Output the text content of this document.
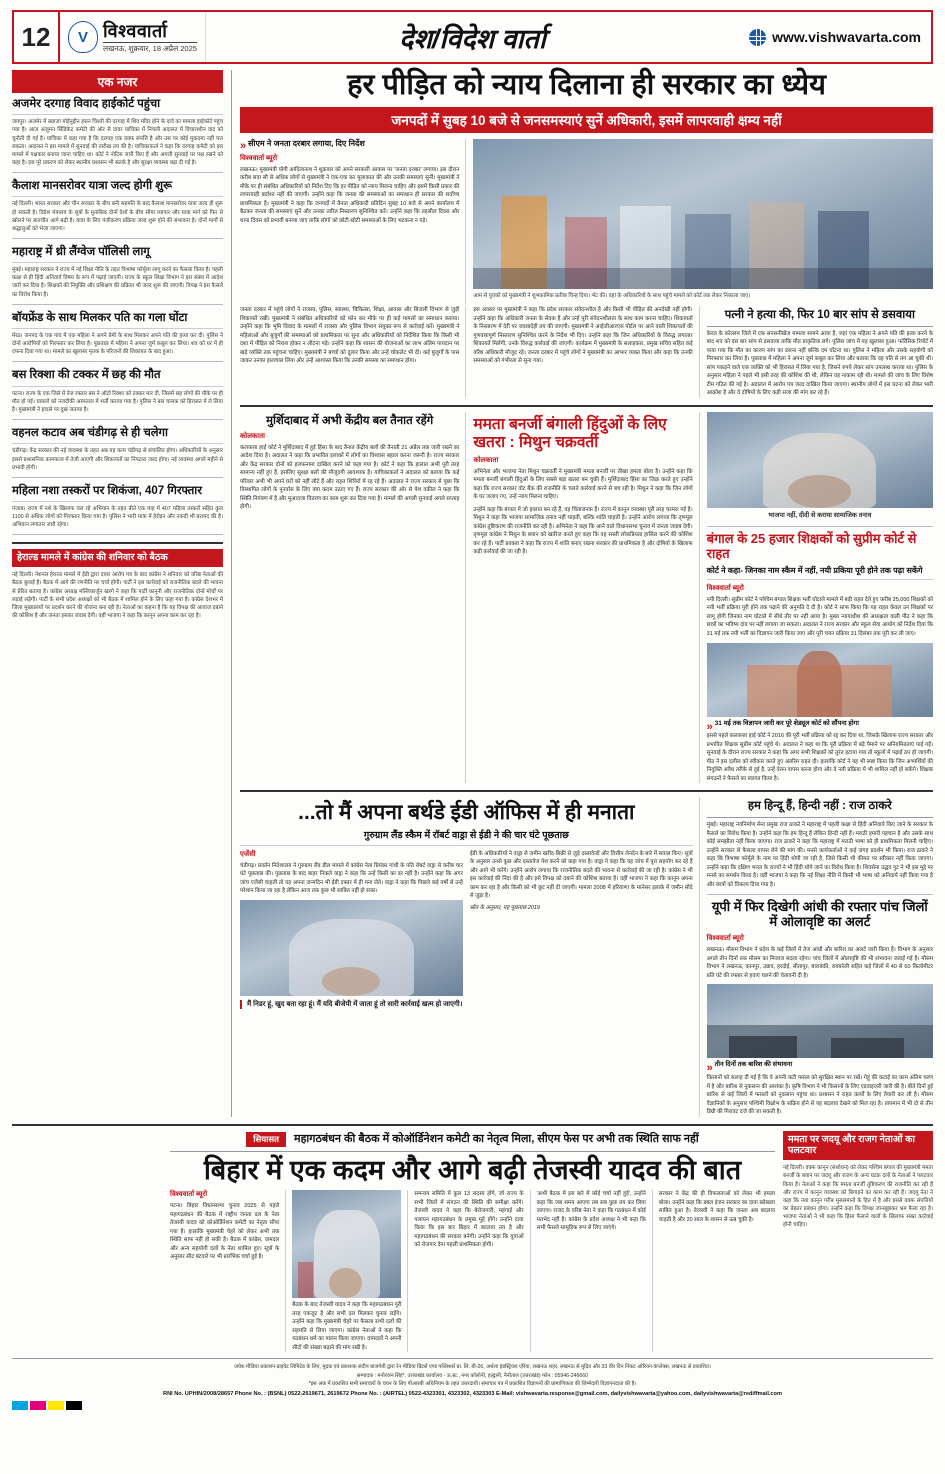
12	V विश्ववार्ता
लखनऊ, शुक्रवार, 18 अप्रैल 2025	देश/विदेश वार्ता	www.vishwavarta.com
एक नजर
अजमेर दरगाह विवाद हाईकोर्ट पहुंचा
जयपुर। अजमेर में ख्वाजा मोईनुद्दीन हसन चिश्ती की दरगाह में शिव मंदिर होने के दावे का मामला हाईकोर्ट पहुंच गया है। आज अंजुमन सिंडिकेट कमेटी की ओर से दायर याचिका में निचली अदालत में विचाराधीन वाद को चुनौती दी गई है। याचिका में कहा गया है कि दरगाह एक वक्फ संपत्ति है और उस पर कोई मुकदमा नहीं चल सकता। अदालत ने इस मामले में सुनवाई की तारीख तय की है। याचिकाकर्ता ने कहा कि दरगाह कमेटी को इस मामले में पक्षकार बनाया जाना चाहिए था। कोर्ट ने नोटिस जारी किए हैं और अगली सुनवाई पर पक्ष रखने को कहा है। इस पूरे प्रकरण को लेकर स्थानीय प्रशासन भी सतर्क है और सुरक्षा व्यवस्था बढ़ा दी गई है।
कैलाश मानसरोवर यात्रा जल्द होगी शुरू
नई दिल्ली। भारत सरकार और चीन सरकार के बीच बनी सहमति के बाद कैलाश मानसरोवर यात्रा जल्द ही शुरू हो सकती है। विदेश मंत्रालय के सूत्रों के मुताबिक दोनों देशों के बीच सीमा व्यापार और यात्रा मार्ग को फिर से खोलने पर बातचीत आगे बढ़ी है। यात्रा के लिए पंजीकरण प्रक्रिया जल्द शुरू होने की संभावना है। दोनों मार्गों से श्रद्धालुओं को भेजा जाएगा।
महाराष्ट्र में थ्री लैंग्वेज पॉलिसी लागू
मुंबई। महाराष्ट्र सरकार ने राज्य में नई शिक्षा नीति के तहत त्रिभाषा फॉर्मूला लागू करने का फैसला किया है। पहली कक्षा से ही हिंदी अनिवार्य विषय के रूप में पढ़ाई जाएगी। राज्य के स्कूल शिक्षा विभाग ने इस संबंध में आदेश जारी कर दिया है। शिक्षकों की नियुक्ति और प्रशिक्षण की प्रक्रिया भी जल्द शुरू की जाएगी। विपक्ष ने इस फैसले का विरोध किया है।
बॉयफ्रेंड के साथ मिलकर पति का गला घोंटा
मेरठ। जनपद के एक गांव में एक महिला ने अपने प्रेमी के साथ मिलकर अपने पति की हत्या कर दी। पुलिस ने दोनों आरोपियों को गिरफ्तार कर लिया है। पूछताछ में महिला ने अपना जुर्म कबूल कर लिया। शव को घर में ही दफना दिया गया था। मामले का खुलासा मृतक के परिजनों की शिकायत के बाद हुआ।
बस रिक्शा की टक्कर में छह की मौत
पटना। राज्य के एक जिले में तेज रफ्तार बस ने ऑटो रिक्शा को टक्कर मार दी, जिसमें छह लोगों की मौके पर ही मौत हो गई। घायलों को नजदीकी अस्पताल में भर्ती कराया गया है। पुलिस ने बस चालक को हिरासत में ले लिया है। मुख्यमंत्री ने हादसे पर दुख जताया है।
वहनल कटाव अब चंडीगढ़ से ही चलेगा
चंडीगढ़। केंद्र सरकार की नई व्यवस्था के तहत अब यह काम चंडीगढ़ से संचालित होगा। अधिकारियों के अनुसार इससे प्रशासनिक कामकाज में तेजी आएगी और शिकायतों का निपटारा जल्द होगा। नई व्यवस्था अगले महीने से प्रभावी होगी।
महिला नशा तस्करों पर शिकंजा, 407 गिरफ्तार
पंजाब। राज्य में नशे के खिलाफ चल रहे अभियान के तहत बीते एक माह में 407 महिला तस्करों सहित कुल 1100 से अधिक लोगों को गिरफ्तार किया गया है। पुलिस ने भारी मात्रा में हेरोइन और नकदी भी बरामद की है। अभियान लगातार जारी रहेगा।
हेराल्ड मामले में कांग्रेस की शनिवार को बैठक
नई दिल्ली। नेशनल हेराल्ड मामले में ईडी द्वारा दायर आरोप पत्र के बाद कांग्रेस ने शनिवार को वरिष्ठ नेताओं की बैठक बुलाई है। बैठक में आगे की रणनीति पर चर्चा होगी। पार्टी ने इस कार्रवाई को राजनीतिक बदले की भावना से प्रेरित बताया है। कांग्रेस अध्यक्ष मल्लिकार्जुन खरगे ने कहा कि पार्टी कानूनी और राजनीतिक दोनों मोर्चों पर लड़ाई लड़ेगी। पार्टी के सभी प्रदेश अध्यक्षों को भी बैठक में शामिल होने के लिए कहा गया है। कांग्रेस देशभर में जिला मुख्यालयों पर प्रदर्शन करने की योजना बना रही है। नेताओं का कहना है कि यह विपक्ष की आवाज दबाने की कोशिश है और जनता इसका जवाब देगी। वहीं भाजपा ने कहा कि कानून अपना काम कर रहा है।
हर पीड़ित को न्याय दिलाना ही सरकार का ध्येय
जनपदों में सुबह 10 बजे से जनसमस्याएं सुनें अधिकारी, इसमें लापरवाही क्षम्य नहीं
» सीएम ने जनता दरबार लगाया, दिए निर्देश
विश्ववार्ता ब्यूरो
लखनऊ। मुख्यमंत्री योगी आदित्यनाथ ने शुक्रवार को अपने सरकारी आवास पर 'जनता दरबार' लगाया। इस दौरान करीब सवा सौ से अधिक लोगों से मुख्यमंत्री ने एक-एक कर मुलाकात की और उनकी समस्याएं सुनीं। मुख्यमंत्री ने मौके पर ही संबंधित अधिकारियों को निर्देश दिए कि हर पीड़ित को न्याय मिलना चाहिए और इसमें किसी प्रकार की लापरवाही बर्दाश्त नहीं की जाएगी। उन्होंने कहा कि जनता की समस्याओं का समाधान ही सरकार की सर्वोच्च प्राथमिकता है। मुख्यमंत्री ने कहा कि जनपदों में तैनात अधिकारी प्रतिदिन सुबह 10 बजे से अपने कार्यालय में बैठकर जनता की समस्याएं सुनें और उनका त्वरित निस्तारण सुनिश्चित करें। उन्होंने कहा कि तहसील दिवस और थाना दिवस को प्रभावी बनाया जाए ताकि लोगों को छोटी-छोटी समस्याओं के लिए भटकना न पड़े।
आम से युवकों को मुख्यमंत्री ने शुभकामिक प्रतीक चिन्ह दिया। भेंट की। वहां के अधिकारियों के साथ पहुंचे मामले को कोर्ट तक लेकर निकाला जाए।
जनता दरबार में पहुंचे लोगों ने राजस्व, पुलिस, स्वास्थ्य, चिकित्सा, शिक्षा, आवास और बिजली विभाग से जुड़ी शिकायतें रखीं। मुख्यमंत्री ने संबंधित अधिकारियों को फोन कर मौके पर ही कई मामलों का समाधान कराया। उन्होंने कहा कि भूमि विवाद के मामलों में राजस्व और पुलिस विभाग संयुक्त रूप से कार्रवाई करें। मुख्यमंत्री ने महिलाओं और बुजुर्गों की समस्याओं को प्राथमिकता पर सुना और अधिकारियों को निर्देशित किया कि किसी भी दशा में पीड़ित को निराश होकर न लौटना पड़े। उन्होंने कहा कि शासन की योजनाओं का लाभ अंतिम पायदान पर खड़े व्यक्ति तक पहुंचना चाहिए। मुख्यमंत्री ने बच्चों को दुलार किया और उन्हें चॉकलेट भी दी। कई बुजुर्गों के पास जाकर उनका हालचाल लिया और उन्हें आश्वस्त किया कि उनकी समस्या का समाधान होगा।
इस अवसर पर मुख्यमंत्री ने कहा कि प्रदेश सरकार संवेदनशील है और किसी भी पीड़ित की अनदेखी नहीं होगी। उन्होंने कहा कि अधिकारी जनता के सेवक हैं और उन्हें पूरी संवेदनशीलता के साथ काम करना चाहिए। शिकायतों के निस्तारण में देरी पर जवाबदेही तय की जाएगी। मुख्यमंत्री ने आईजीआरएस पोर्टल पर आने वाली शिकायतों की गुणवत्तापूर्ण निस्तारण सुनिश्चित करने के निर्देश भी दिए। उन्होंने कहा कि जिन अधिकारियों के विरुद्ध लगातार शिकायतें मिलेंगी, उनके विरुद्ध कार्रवाई की जाएगी। कार्यक्रम में मुख्यमंत्री के सलाहकार, प्रमुख सचिव सहित कई वरिष्ठ अधिकारी मौजूद रहे। जनता दरबार में पहुंचे लोगों ने मुख्यमंत्री का आभार व्यक्त किया और कहा कि उनकी समस्याओं को गंभीरता से सुना गया।
पत्नी ने हत्या की, फिर 10 बार सांप से डसवाया
केरल के कोल्लम जिले में एक सनसनीखेज मामला सामने आया है, जहां एक महिला ने अपने पति की हत्या करने के बाद शव को दस बार सांप से डसवाया ताकि मौत प्राकृतिक लगे। पुलिस जांच में यह खुलासा हुआ। फॉरेंसिक रिपोर्ट में पाया गया कि मौत का कारण सांप का डसना नहीं बल्कि दम घोंटना था। पुलिस ने महिला और उसके सहयोगी को गिरफ्तार कर लिया है। पूछताछ में महिला ने अपना जुर्म कबूल कर लिया और बताया कि वह पति से तंग आ चुकी थी। सांप पकड़ने वाले एक व्यक्ति को भी हिरासत में लिया गया है, जिसने रुपये लेकर सांप उपलब्ध कराया था। पुलिस के अनुसार महिला ने पहले भी इसी तरह की कोशिश की थी, लेकिन वह नाकाम रही थी। मामले की जांच के लिए विशेष टीम गठित की गई है। अदालत में आरोप पत्र जल्द दाखिल किया जाएगा। स्थानीय लोगों में इस घटना को लेकर भारी आक्रोश है और वे दोषियों के लिए कड़ी सजा की मांग कर रहे हैं।
मुर्शिदाबाद में अभी केंद्रीय बल तैनात रहेंगे
कोलकाता
कलकत्ता हाई कोर्ट ने मुर्शिदाबाद में हुई हिंसा के बाद तैनात केंद्रीय बलों की तैनाती 21 अप्रैल तक जारी रखने का आदेश दिया है। अदालत ने कहा कि प्रभावित इलाकों में लोगों का विश्वास बहाल करना जरूरी है। राज्य सरकार और केंद्र सरकार दोनों को हलफनामा दाखिल करने को कहा गया है। कोर्ट ने कहा कि हालात अभी पूरी तरह सामान्य नहीं हुए हैं, इसलिए सुरक्षा बलों की मौजूदगी आवश्यक है। याचिकाकर्ता ने अदालत को बताया कि कई परिवार अभी भी अपने घरों को नहीं लौटे हैं और राहत शिविरों में रह रहे हैं। अदालत ने राज्य सरकार से पूछा कि विस्थापित लोगों के पुनर्वास के लिए क्या कदम उठाए गए हैं। राज्य सरकार की ओर से पेश वकील ने कहा कि स्थिति नियंत्रण में है और मुआवजा वितरण का काम शुरू कर दिया गया है। मामले की अगली सुनवाई अगले सप्ताह होगी।
ममता बनर्जी बंगाली हिंदुओं के लिए खतरा : मिथुन चक्रवर्ती
कोलकाता
अभिनेता और भाजपा नेता मिथुन चक्रवर्ती ने मुख्यमंत्री ममता बनर्जी पर तीखा हमला बोला है। उन्होंने कहा कि ममता बनर्जी बंगाली हिंदुओं के लिए सबसे बड़ा खतरा बन चुकी हैं। मुर्शिदाबाद हिंसा का जिक्र करते हुए उन्होंने कहा कि राज्य सरकार वोट बैंक की राजनीति के चलते कार्रवाई करने से बच रही है। मिथुन ने कहा कि जिन लोगों के घर जलाए गए, उन्हें न्याय मिलना चाहिए।
उन्होंने कहा कि बंगाल में जो हालात बन रहे हैं, वह चिंताजनक हैं। राज्य में कानून व्यवस्था पूरी तरह चरमरा गई है। मिथुन ने कहा कि भाजपा सामाजिक तनाव नहीं चाहती, बल्कि शांति चाहती है। उन्होंने आरोप लगाया कि तृणमूल कांग्रेस तुष्टिकरण की राजनीति कर रही है। अभिनेता ने कहा कि आने वाले विधानसभा चुनाव में जनता जवाब देगी। तृणमूल कांग्रेस ने मिथुन के बयान को खारिज करते हुए कहा कि वह सस्ती लोकप्रियता हासिल करने की कोशिश कर रहे हैं। पार्टी प्रवक्ता ने कहा कि राज्य में शांति बनाए रखना सरकार की प्राथमिकता है और दोषियों के खिलाफ कड़ी कार्रवाई की जा रही है।
भाजपा नहीं, दीदी से कराया सामाजिक तनाव
बंगाल के 25 हजार शिक्षकों को सुप्रीम कोर्ट से राहत
कोर्ट ने कहा- जिनका नाम स्कैम में नहीं, नयी प्रकिया पूरी होने तक पढ़ा सकेंगे
विश्ववार्ता ब्यूरो
नयी दिल्ली। सुप्रीम कोर्ट ने पश्चिम बंगाल शिक्षक भर्ती घोटाले मामले में बड़ी राहत देते हुए करीब 25,000 शिक्षकों को नयी भर्ती प्रक्रिया पूरी होने तक पढ़ाने की अनुमति दे दी है। कोर्ट ने साफ किया कि यह राहत केवल उन शिक्षकों पर लागू होगी जिनका नाम घोटाले में सीधे तौर पर नहीं आया है। मुख्य न्यायाधीश की अध्यक्षता वाली पीठ ने कहा कि छात्रों का भविष्य दांव पर नहीं लगाया जा सकता। अदालत ने राज्य सरकार और स्कूल सेवा आयोग को निर्देश दिया कि 31 मई तक नयी भर्ती का विज्ञापन जारी किया जाए और पूरी चयन प्रक्रिया 31 दिसंबर तक पूरी कर ली जाए।
» 31 मई तक विज्ञापन जारी कर पूरे शेड्यूल कोर्ट को सौंपना होगा
इससे पहले कलकत्ता हाई कोर्ट ने 2016 की पूरी भर्ती प्रक्रिया को रद्द कर दिया था, जिसके खिलाफ राज्य सरकार और प्रभावित शिक्षक सुप्रीम कोर्ट पहुंचे थे। अदालत ने कहा था कि पूरी प्रक्रिया में बड़े पैमाने पर अनियमितताएं पाई गईं। सुनवाई के दौरान राज्य सरकार ने कहा कि अगर सभी शिक्षकों को तुरंत हटाया गया तो स्कूलों में पढ़ाई ठप हो जाएगी। पीठ ने इस दलील को स्वीकार करते हुए अंतरिम राहत दी। हालांकि कोर्ट ने यह भी स्पष्ट किया कि जिन अभ्यर्थियों की नियुक्ति अवैध तरीके से हुई है, उन्हें वेतन वापस करना होगा और वे नयी प्रक्रिया में भी शामिल नहीं हो सकेंगे। शिक्षक संगठनों ने फैसले का स्वागत किया है।
...तो मैं अपना बर्थडे ईडी ऑफिस में ही मनाता
गुरुग्राम लैंड स्कैम में रॉबर्ट वाड्रा से ईडी ने की चार घंटे पूछताछ
एजेंसी
चंडीगढ़। प्रवर्तन निदेशालय ने गुरुग्राम लैंड डील मामले में कांग्रेस नेता प्रियंका गांधी के पति रॉबर्ट वाड्रा से करीब चार घंटे पूछताछ की। पूछताछ के बाद बाहर निकले वाड्रा ने कहा कि उन्हें किसी का डर नहीं है। उन्होंने कहा कि अगर जांच एजेंसी चाहती तो वह अपना जन्मदिन भी ईडी दफ्तर में ही मना लेते। वाड्रा ने कहा कि पिछले कई वर्षों से उन्हें परेशान किया जा रहा है लेकिन आज तक कुछ भी साबित नहीं हो सका।
मैं निडर हूं, खुद बता रहा हूं। मैं यदि बीजेपी में जाता हूं तो सारी कार्रवाई खत्म हो जाएगी।
ईडी के अधिकारियों ने वाड्रा से जमीन खरीद-बिक्री से जुड़े दस्तावेजों और वित्तीय लेनदेन के बारे में सवाल किए। सूत्रों के अनुसार उनसे कुछ और दस्तावेज पेश करने को कहा गया है। वाड्रा ने कहा कि वह जांच में पूरा सहयोग कर रहे हैं और आगे भी करेंगे। उन्होंने आरोप लगाया कि राजनीतिक बदले की भावना से कार्रवाई की जा रही है। कांग्रेस ने भी इस कार्रवाई की निंदा की है और इसे विपक्ष को दबाने की कोशिश बताया है। वहीं भाजपा ने कहा कि कानून अपना काम कर रहा है और किसी को भी छूट नहीं दी जाएगी। मामला 2008 में हरियाणा के मानेसर इलाके में जमीन सौदे से जुड़ा है।
स्रोत के अनुसार, यह पूछताछ 2019
हम हिन्दू हैं, हिन्दी नहीं : राज ठाकरे
मुंबई। महाराष्ट्र नवनिर्माण सेना प्रमुख राज ठाकरे ने महाराष्ट्र में पहली कक्षा से हिंदी अनिवार्य किए जाने के सरकार के फैसले का विरोध किया है। उन्होंने कहा कि हम हिन्दू हैं लेकिन हिन्दी नहीं हैं। मराठी हमारी पहचान है और उसके साथ कोई समझौता नहीं किया जाएगा। राज ठाकरे ने कहा कि महाराष्ट्र में मराठी भाषा को ही प्राथमिकता मिलनी चाहिए। उन्होंने सरकार से फैसला वापस लेने की मांग की। मनसे कार्यकर्ताओं ने कई जगह प्रदर्शन भी किया। राज ठाकरे ने कहा कि त्रिभाषा फॉर्मूले के नाम पर हिंदी थोपी जा रही है, जिसे किसी भी कीमत पर स्वीकार नहीं किया जाएगा। उन्होंने कहा कि दक्षिण भारत के राज्यों ने भी हिंदी थोपे जाने का विरोध किया है। शिवसेना उद्धव गुट ने भी इस मुद्दे पर मनसे का समर्थन किया है। वहीं भाजपा ने कहा कि नई शिक्षा नीति में किसी भी भाषा को अनिवार्य नहीं किया गया है और छात्रों को विकल्प दिया गया है।
यूपी में फिर दिखेगी आंधी की रफ्तार पांच जिलों में ओलावृष्टि का अलर्ट
विश्ववार्ता ब्यूरो
लखनऊ। मौसम विभाग ने प्रदेश के कई जिलों में तेज आंधी और बारिश का अलर्ट जारी किया है। विभाग के अनुसार अगले तीन दिनों तक मौसम का मिजाज बदला रहेगा। पांच जिलों में ओलावृष्टि की भी संभावना जताई गई है। मौसम विभाग ने लखनऊ, कानपुर, उन्नाव, हरदोई, सीतापुर, बाराबंकी, रायबरेली सहित कई जिलों में 40 से 60 किलोमीटर प्रति घंटे की रफ्तार से हवाएं चलने की चेतावनी दी है।
» तीन दिनों तक बारिश की संभावना
किसानों को सलाह दी गई है कि वे अपनी कटी फसल को सुरक्षित स्थान पर रखें। गेहूं की कटाई का काम अंतिम चरण में है और बारिश से नुकसान की आशंका है। कृषि विभाग ने भी किसानों के लिए एडवाइजरी जारी की है। बीते दिनों हुई बारिश से कई जिलों में फसलों को नुकसान पहुंचा था। प्रशासन ने राहत कार्यों के लिए तैयारी कर ली है। मौसम वैज्ञानिकों के अनुसार पश्चिमी विक्षोभ के सक्रिय होने से यह बदलाव देखने को मिल रहा है। तापमान में भी दो से तीन डिग्री की गिरावट दर्ज की जा सकती है।

सियासत महागठबंधन की बैठक में कोऑर्डिनेशन कमेटी का नेतृत्व मिला, सीएम फेस पर अभी तक स्थिति साफ नहीं
बिहार में एक कदम और आगे बढ़ी तेजस्वी यादव की बात
विश्ववार्ता ब्यूरो
पटना। बिहार विधानसभा चुनाव 2025 से पहले महागठबंधन की बैठक में राष्ट्रीय जनता दल के नेता तेजस्वी यादव को कोऑर्डिनेशन कमेटी का नेतृत्व सौंपा गया है। हालांकि मुख्यमंत्री चेहरे को लेकर अभी तक स्थिति साफ नहीं हो सकी है। बैठक में कांग्रेस, वामदल और अन्य सहयोगी दलों के नेता शामिल हुए। सूत्रों के अनुसार सीट बंटवारे पर भी प्रारंभिक चर्चा हुई है।
बैठक के बाद तेजस्वी यादव ने कहा कि महागठबंधन पूरी तरह एकजुट है और सभी दल मिलकर चुनाव लड़ेंगे। उन्होंने कहा कि मुख्यमंत्री चेहरे पर फैसला सभी दलों की सहमति से लिया जाएगा। कांग्रेस नेताओं ने कहा कि गठबंधन धर्म का पालन किया जाएगा। वामदलों ने अपनी सीटों की संख्या बढ़ाने की मांग रखी है।
समन्वय समिति में कुल 13 सदस्य होंगे, जो राज्य के सभी जिलों में संगठन की स्थिति की समीक्षा करेंगे। तेजस्वी यादव ने कहा कि बेरोजगारी, महंगाई और पलायन महागठबंधन के प्रमुख मुद्दे होंगे। उन्होंने दावा किया कि इस बार बिहार में बदलाव तय है और महागठबंधन की सरकार बनेगी। उन्होंने कहा कि युवाओं को रोजगार देना पहली प्राथमिकता होगी।
'अभी बैठक में इस बारे में कोई चर्चा नहीं हुई', उन्होंने कहा कि जब समय आएगा तब सब कुछ तय कर लिया जाएगा। राजद के वरिष्ठ नेता ने कहा कि गठबंधन में कोई मतभेद नहीं है। कांग्रेस के प्रदेश अध्यक्ष ने भी कहा कि सभी फैसले सामूहिक रूप से लिए जाएंगे।
सरकार ने केंद्र की ही विफलताओं को लेकर भी हमला बोला। उन्होंने कहा कि डबल इंजन सरकार का दावा खोखला साबित हुआ है। तेजस्वी ने कहा कि जनता अब बदलाव चाहती है और 20 साल के शासन से ऊब चुकी है।
ममता पर जदयू और राजग नेताओं का पलटवार
नई दिल्ली। वक्फ कानून (संशोधन) को लेकर पश्चिम बंगाल की मुख्यमंत्री ममता बनर्जी के बयान पर जदयू और राजग के अन्य घटक दलों के नेताओं ने पलटवार किया है। नेताओं ने कहा कि ममता बनर्जी तुष्टिकरण की राजनीति कर रही हैं और राज्य में कानून व्यवस्था को बिगाड़ने का काम कर रही हैं। जदयू नेता ने कहा कि नया कानून गरीब मुसलमानों के हित में है और इससे वक्फ संपत्तियों का बेहतर प्रबंधन होगा। उन्होंने कहा कि विपक्ष जानबूझकर भ्रम फैला रहा है। भाजपा नेताओं ने भी कहा कि हिंसा फैलाने वालों के खिलाफ सख्त कार्रवाई होनी चाहिए।
जयेश मीडिया प्रकाशन प्राइवेट लिमिटेड के लिए, मुद्रक एवं प्रकाशक संदीप बाजपेयी द्वारा रेन मीडिया प्रिंटर्स एण्ड पब्लिशर्स प्रा. लि. बी-26, अर्थला इंडस्ट्रियल एरिया, लखनऊ शहर, लखनऊ से मुद्रित और 33 वीर दिन निकट ओरियन कंप्लेक्स, लखनऊ से प्रकाशित।
सम्पादक : मनोरंजन सिंह*, उत्तराखंड कार्यालय - ऊ.स्ट., नगर कॉलोनी, हल्द्वानी, नैनीताल (उत्तराखंड) फोन : 05946-246660
*इस अंक में प्रकाशित सभी समाचारों के चयन के लिए पीआरबी अधिनियम के तहत उत्तरदायी। समाचार पत्र में प्रकाशित विज्ञापनों की प्रामाणिकता की जिम्मेदारी विज्ञापनदाता की है।
RNI No. UPHIN/2008/28657 Phone No. : (BSNL) 0522-2619671, 2619672 Phone No. : (AIRTEL) 0522-4323301, 4323302, 4323303 E-Mail: vishwavarta.response@gmail.com, dailyvishwavarta@yahoo.com, dailyvishwavarta@rediffmail.com
